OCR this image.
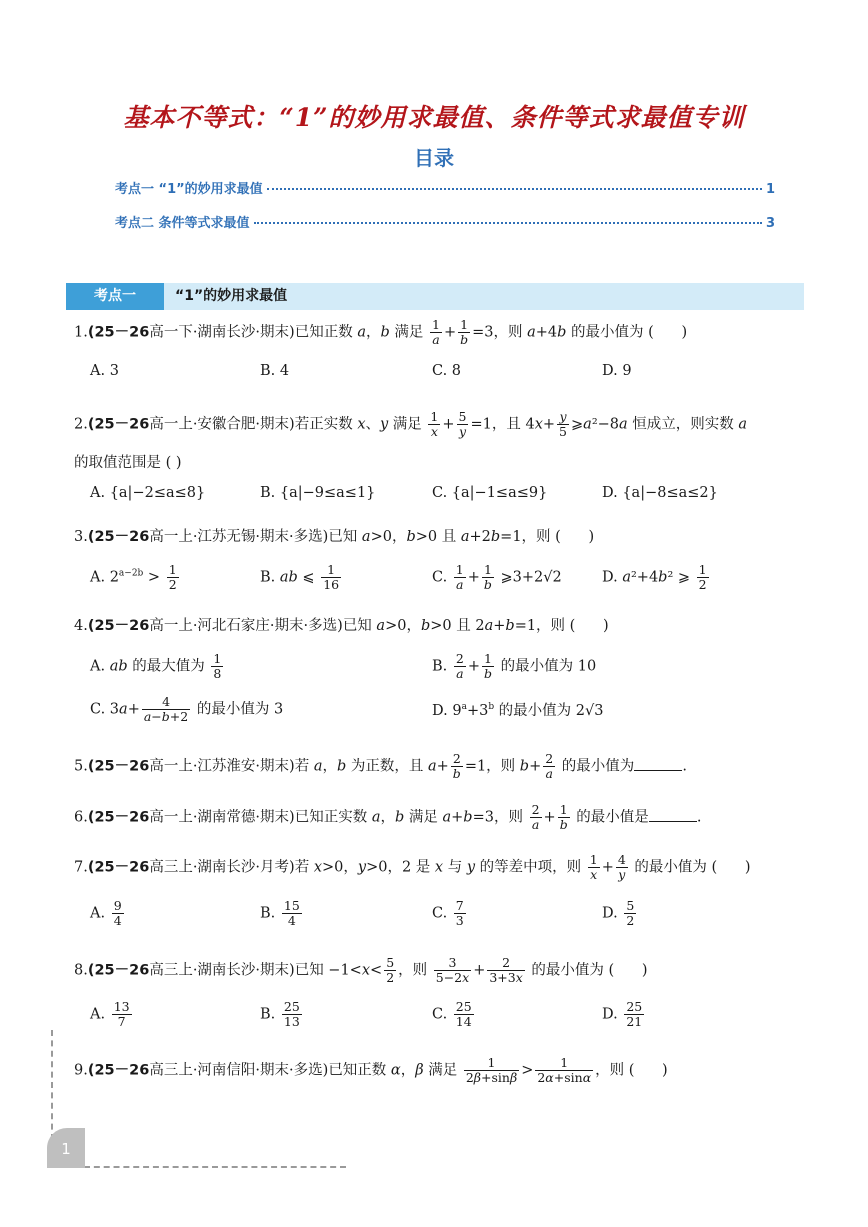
基本不等式：“1”的妙用求最值、条件等式求最值专训
目录
考点一 “1”的妙用求最值	1
考点二 条件等式求最值	3
考点一	“1”的妙用求最值
1.(25－26高一下·湖南长沙·期末)已知正数 a，b 满足 $\frac{1}{a} + \frac{1}{b} =3$，则 a+4b 的最小值为 (      )
A. 3	B. 4	C. 8	D. 9
2.(25－26高一上·安徽合肥·期末)若正实数 x、y 满足 $\frac{1}{x} + \frac{5}{y} =1$，且 $4x+ \frac{y}{5}$ ⩾a²−8a 恒成立，则实数 a
的取值范围是 ( )
A. {a|−2≤a≤8}	B. {a|−9≤a≤1}	C. {a|−1≤a≤9}	D. {a|−8≤a≤2}
3.(25－26高一上·江苏无锡·期末·多选)已知 a>0，b>0 且 a+2b=1，则 (      )
A. $2^{a-2b} > \frac{1}{2}$	B. ab ⩽ $\frac{1}{16}$	C. $\frac{1}{a} + \frac{1}{b}$ ⩾3+2√2	D. a²+4b² ⩾ $\frac{1}{2}$
4.(25－26高一上·河北石家庄·期末·多选)已知 a>0，b>0 且 2a+b=1，则 (      )
A. ab 的最大值为 $\frac{1}{8}$	B. $\frac{2}{a} + \frac{1}{b}$ 的最小值为 10
C. $3a+ \frac{4}{a-b+2}$ 的最小值为 3	D. $9^a+3^b$ 的最小值为 2√3
5.(25－26高一上·江苏淮安·期末)若 a，b 为正数，且 $a+ \frac{2}{b} =1$，则 $b+ \frac{2}{a}$ 的最小值为	.
6.(25－26高一上·湖南常德·期末)已知正实数 a，b 满足 a+b=3，则 $\frac{2}{a} + \frac{1}{b}$ 的最小值是	.
7.(25－26高三上·湖南长沙·月考)若 x>0，y>0，2 是 x 与 y 的等差中项，则 $\frac{1}{x} + \frac{4}{y}$ 的最小值为 (      )
A. $\frac{9}{4}$	B. $\frac{15}{4}$	C. $\frac{7}{3}$	D. $\frac{5}{2}$
8.(25－26高三上·湖南长沙·期末)已知 $-1<x< \frac{5}{2}$ ，则 $\frac{3}{5-2x} + \frac{2}{3+3x}$ 的最小值为 (      )
A. $\frac{13}{7}$	B. $\frac{25}{13}$	C. $\frac{25}{14}$	D. $\frac{25}{21}$
9.(25－26高三上·河南信阳·期末·多选)已知正数 α，β 满足 $\frac{1}{2\beta+\sin\beta} > \frac{1}{2\alpha+\sin\alpha}$ ，则 (      )
1
